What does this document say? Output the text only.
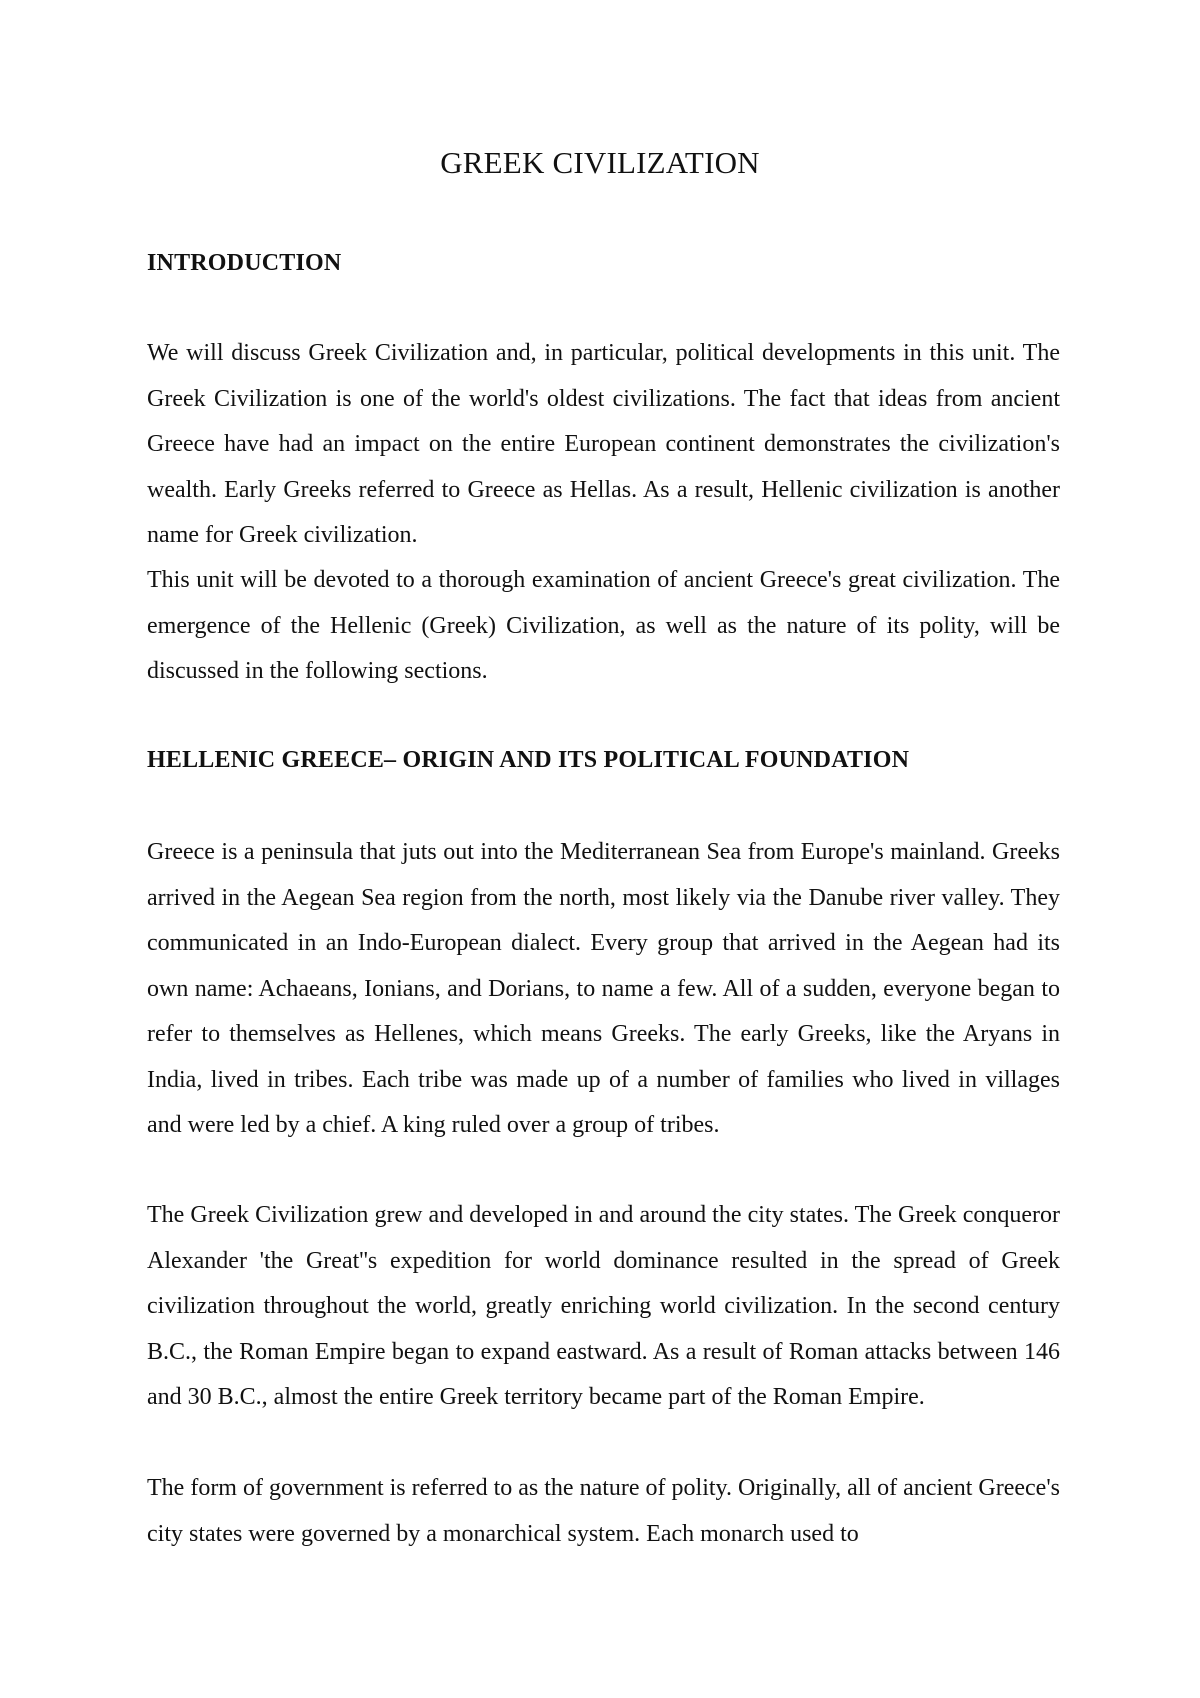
GREEK CIVILIZATION
INTRODUCTION

We will discuss Greek Civilization and, in particular, political developments in this unit. The Greek Civilization is one of the world's oldest civilizations. The fact that ideas from ancient Greece have had an impact on the entire European continent demonstrates the civilization's wealth. Early Greeks referred to Greece as Hellas. As a result, Hellenic civilization is another name for Greek civilization.

This unit will be devoted to a thorough examination of ancient Greece's great civilization. The emergence of the Hellenic (Greek) Civilization, as well as the nature of its polity, will be discussed in the following sections.

HELLENIC GREECE– ORIGIN AND ITS POLITICAL FOUNDATION

Greece is a peninsula that juts out into the Mediterranean Sea from Europe's mainland. Greeks arrived in the Aegean Sea region from the north, most likely via the Danube river valley. They communicated in an Indo-European dialect. Every group that arrived in the Aegean had its own name: Achaeans, Ionians, and Dorians, to name a few. All of a sudden, everyone began to refer to themselves as Hellenes, which means Greeks. The early Greeks, like the Aryans in India, lived in tribes. Each tribe was made up of a number of families who lived in villages and were led by a chief. A king ruled over a group of tribes.

The Greek Civilization grew and developed in and around the city states. The Greek conqueror Alexander 'the Great''s expedition for world dominance resulted in the spread of Greek civilization throughout the world, greatly enriching world civilization. In the second century B.C., the Roman Empire began to expand eastward. As a result of Roman attacks between 146 and 30 B.C., almost the entire Greek territory became part of the Roman Empire.

The form of government is referred to as the nature of polity. Originally, all of ancient Greece's city states were governed by a monarchical system. Each monarch used to
